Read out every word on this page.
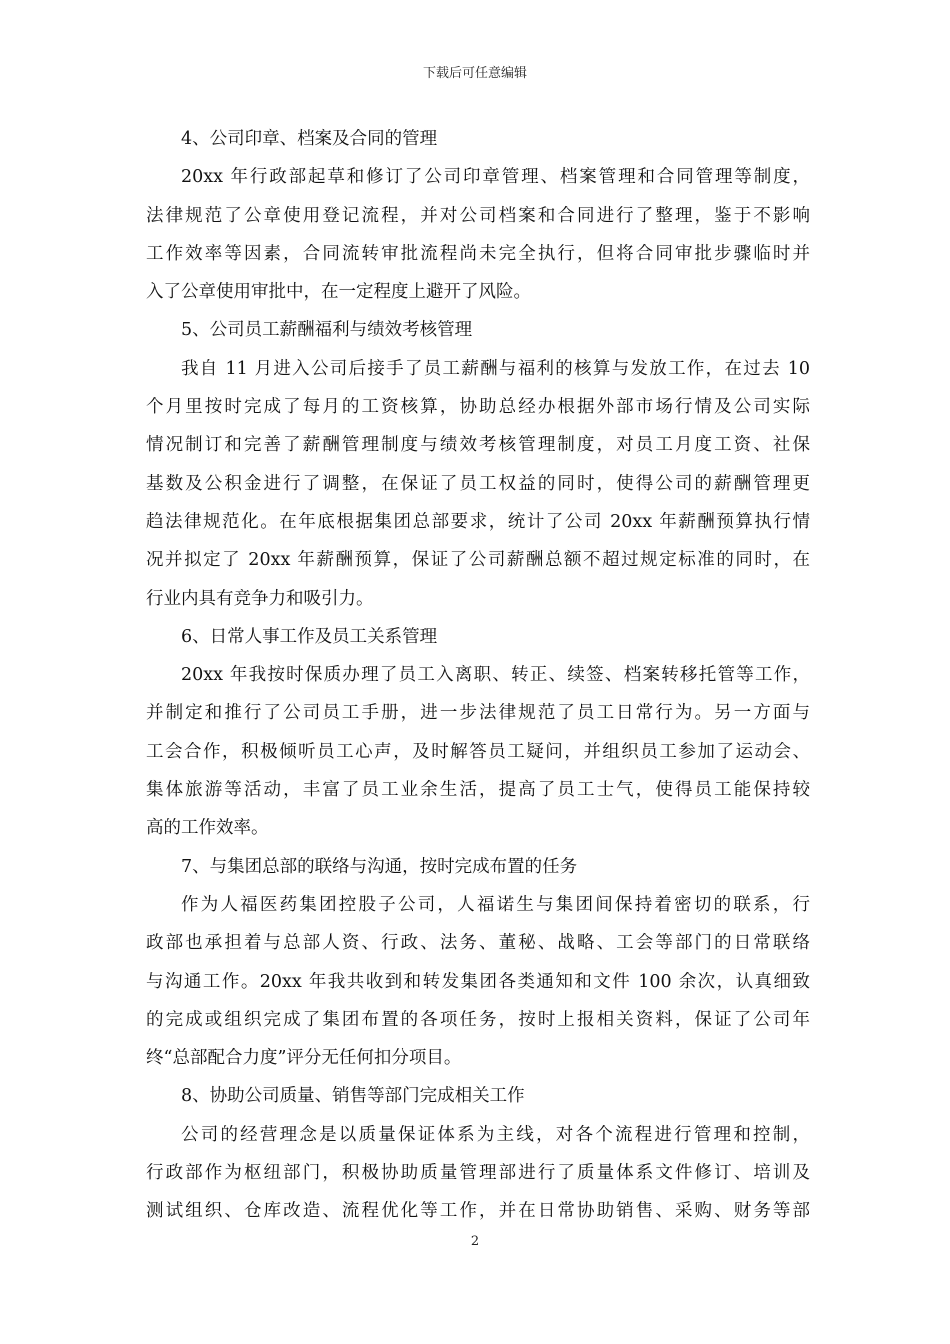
下载后可任意编辑
4、公司印章、档案及合同的管理
20xx 年行政部起草和修订了公司印章管理、档案管理和合同管理等制度，
法律规范了公章使用登记流程，并对公司档案和合同进行了整理，鉴于不影响
工作效率等因素，合同流转审批流程尚未完全执行，但将合同审批步骤临时并
入了公章使用审批中，在一定程度上避开了风险。
5、公司员工薪酬福利与绩效考核管理
我自 11 月进入公司后接手了员工薪酬与福利的核算与发放工作，在过去 10
个月里按时完成了每月的工资核算，协助总经办根据外部市场行情及公司实际
情况制订和完善了薪酬管理制度与绩效考核管理制度，对员工月度工资、社保
基数及公积金进行了调整，在保证了员工权益的同时，使得公司的薪酬管理更
趋法律规范化。在年底根据集团总部要求，统计了公司 20xx 年薪酬预算执行情
况并拟定了 20xx 年薪酬预算，保证了公司薪酬总额不超过规定标准的同时，在
行业内具有竞争力和吸引力。
6、日常人事工作及员工关系管理
20xx 年我按时保质办理了员工入离职、转正、续签、档案转移托管等工作，
并制定和推行了公司员工手册，进一步法律规范了员工日常行为。另一方面与
工会合作，积极倾听员工心声，及时解答员工疑问，并组织员工参加了运动会、
集体旅游等活动，丰富了员工业余生活，提高了员工士气，使得员工能保持较
高的工作效率。
7、与集团总部的联络与沟通，按时完成布置的任务
作为人福医药集团控股子公司，人福诺生与集团间保持着密切的联系，行
政部也承担着与总部人资、行政、法务、董秘、战略、工会等部门的日常联络
与沟通工作。20xx 年我共收到和转发集团各类通知和文件 100 余次，认真细致
的完成或组织完成了集团布置的各项任务，按时上报相关资料，保证了公司年
终“总部配合力度”评分无任何扣分项目。
8、协助公司质量、销售等部门完成相关工作
公司的经营理念是以质量保证体系为主线，对各个流程进行管理和控制，
行政部作为枢纽部门，积极协助质量管理部进行了质量体系文件修订、培训及
测试组织、仓库改造、流程优化等工作，并在日常协助销售、采购、财务等部
2
